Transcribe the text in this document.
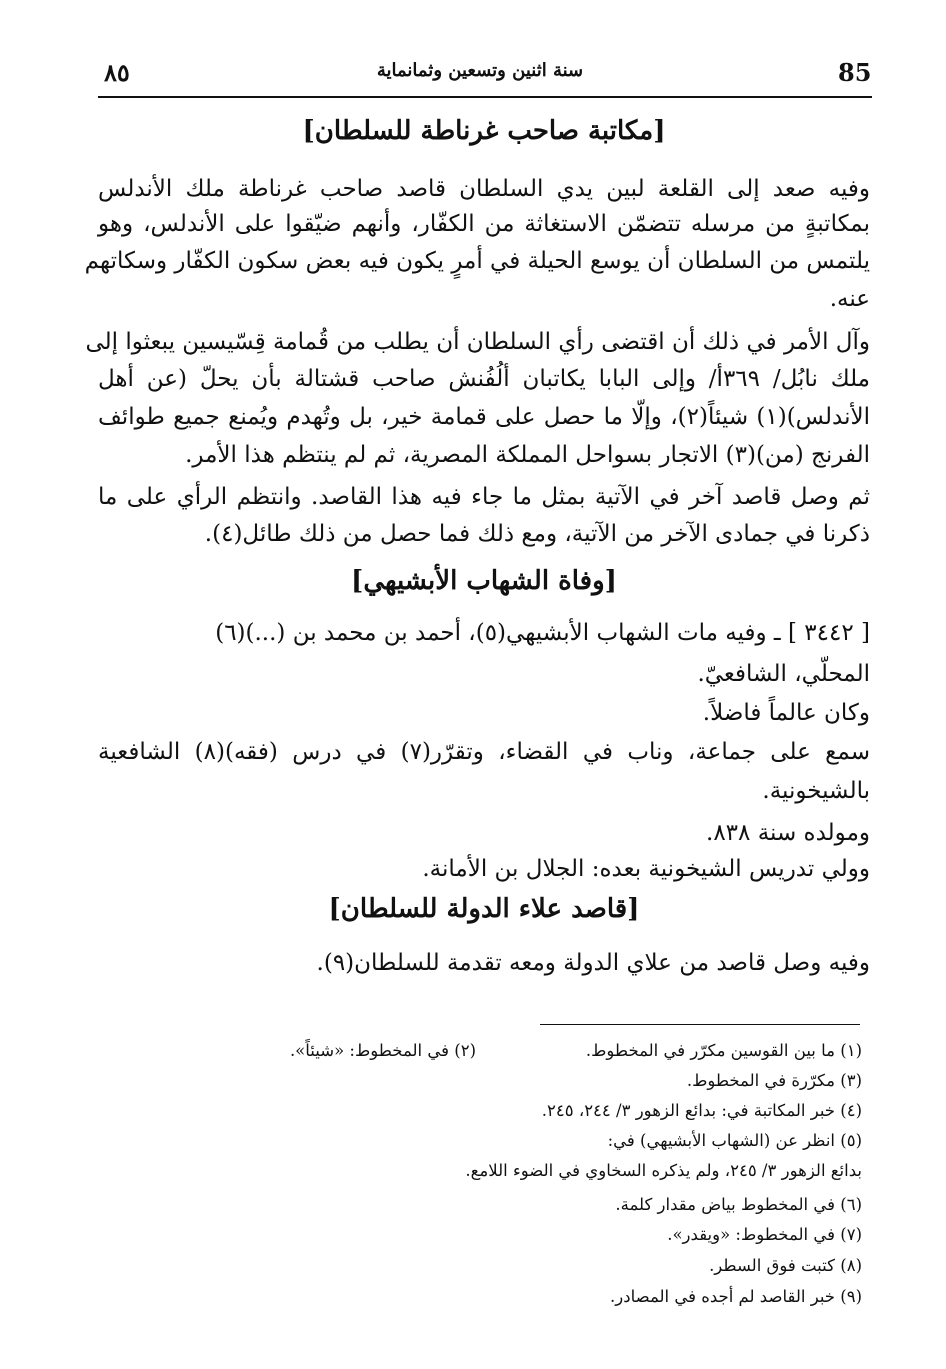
٨٥	سنة اثنين وتسعين وثمانماية	85
[مكاتبة صاحب غرناطة للسلطان]
وفيه صعد إلى القلعة لبين يدي السلطان قاصد صاحب غرناطة ملك الأندلس
بمكاتبةٍ من مرسله تتضمّن الاستغاثة من الكفّار، وأنهم ضيّقوا على الأندلس، وهو
يلتمس من السلطان أن يوسع الحيلة في أمرٍ يكون فيه بعض سكون الكفّار وسكاتهم
عنه.
وآل الأمر في ذلك أن اقتضى رأي السلطان أن يطلب من قُمامة قِسّيسين يبعثوا إلى
ملك نابُل/ ٣٦٩أ/ وإلى البابا يكاتبان ألُفُنش صاحب قشتالة بأن يحلّ (عن أهل
الأندلس)(١) شيئاً(٢)، وإلّا ما حصل على قمامة خير، بل وتُهدم ويُمنع جميع طوائف
الفرنج (من)(٣) الاتجار بسواحل المملكة المصرية، ثم لم ينتظم هذا الأمر.
ثم وصل قاصد آخر في الآتية بمثل ما جاء فيه هذا القاصد. وانتظم الرأي على ما
ذكرنا في جمادى الآخر من الآتية، ومع ذلك فما حصل من ذلك طائل(٤).
[وفاة الشهاب الأبشيهي]
[ ٣٤٤٢ ] ـ وفيه مات الشهاب الأبشيهي(٥)، أحمد بن محمد بن (...)(٦)
المحلّي، الشافعيّ.
وكان عالماً فاضلاً.
سمع على جماعة، وناب في القضاء، وتقرّر(٧) في درس (فقه)(٨) الشافعية
بالشيخونية.
ومولده سنة ٨٣٨.
وولي تدريس الشيخونية بعده: الجلال بن الأمانة.
[قاصد علاء الدولة للسلطان]
وفيه وصل قاصد من علاي الدولة ومعه تقدمة للسلطان(٩).
(١) ما بين القوسين مكرّر في المخطوط.
(٢) في المخطوط: «شيئاً».
(٣) مكرّرة في المخطوط.
(٤) خبر المكاتبة في: بدائع الزهور ٣/ ٢٤٤، ٢٤٥.
(٥) انظر عن (الشهاب الأبشيهي) في:
بدائع الزهور ٣/ ٢٤٥، ولم يذكره السخاوي في الضوء اللامع.
(٦) في المخطوط بياض مقدار كلمة.
(٧) في المخطوط: «ويقدر».
(٨) كتبت فوق السطر.
(٩) خبر القاصد لم أجده في المصادر.
